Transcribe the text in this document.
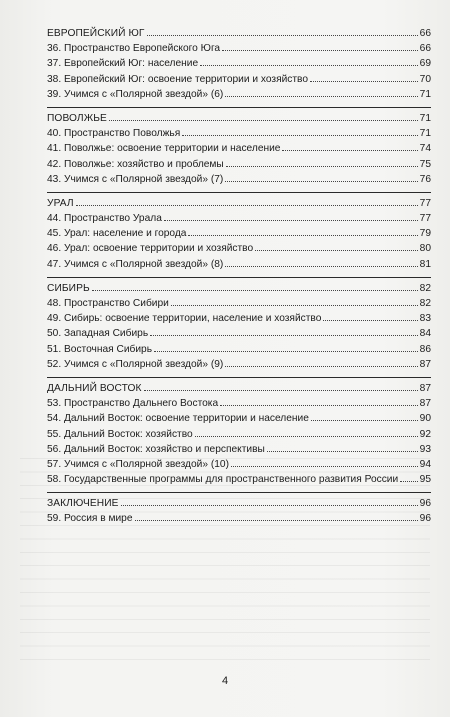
ЕВРОПЕЙСКИЙ ЮГ	66
36. Пространство Европейского Юга	66
37. Европейский Юг: население	69
38. Европейский Юг: освоение территории и хозяйство	70
39. Учимся с «Полярной звездой» (6)	71
ПОВОЛЖЬЕ	71
40. Пространство Поволжья	71
41. Поволжье: освоение территории и население	74
42. Поволжье: хозяйство и проблемы	75
43. Учимся с «Полярной звездой» (7)	76
УРАЛ	77
44. Пространство Урала	77
45. Урал: население и города	79
46. Урал: освоение территории и хозяйство	80
47. Учимся с «Полярной звездой» (8)	81
СИБИРЬ	82
48. Пространство Сибири	82
49. Сибирь: освоение территории, население и хозяйство	83
50. Западная Сибирь	84
51. Восточная Сибирь	86
52. Учимся с «Полярной звездой» (9)	87
ДАЛЬНИЙ ВОСТОК	87
53. Пространство Дальнего Востока	87
54. Дальний Восток: освоение территории и население	90
55. Дальний Восток: хозяйство	92
56. Дальний Восток: хозяйство и перспективы	93
57. Учимся с «Полярной звездой» (10)	94
58. Государственные программы для пространственного развития России 95
ЗАКЛЮЧЕНИЕ	96
59. Россия в мире	96
4
